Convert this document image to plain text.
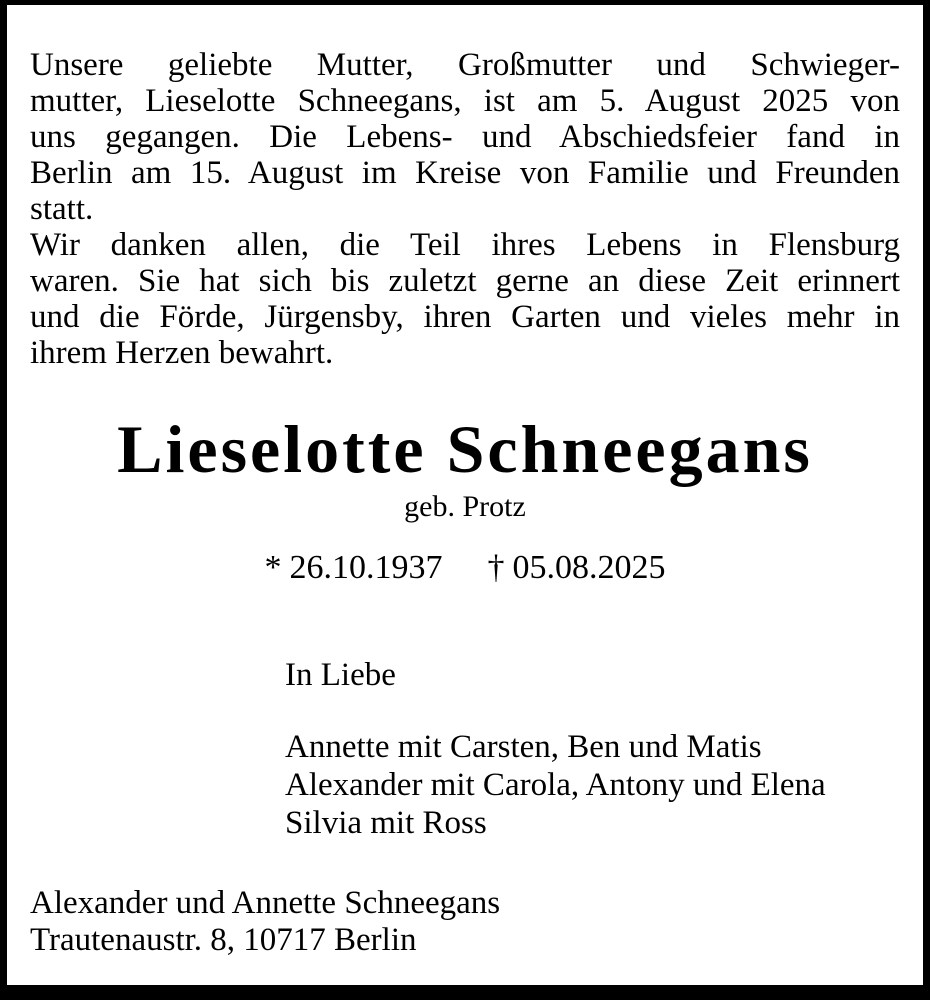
Unsere geliebte Mutter, Großmutter und Schwieger-
mutter, Lieselotte Schneegans, ist am 5. August 2025 von
uns gegangen. Die Lebens- und Abschiedsfeier fand in
Berlin am 15. August im Kreise von Familie und Freunden
statt.
Wir danken allen, die Teil ihres Lebens in Flensburg
waren. Sie hat sich bis zuletzt gerne an diese Zeit erinnert
und die Förde, Jürgensby, ihren Garten und vieles mehr in
ihrem Herzen bewahrt.
Lieselotte Schneegans
geb. Protz
* 26.10.1937 † 05.08.2025
In Liebe
Annette mit Carsten, Ben und Matis
Alexander mit Carola, Antony und Elena
Silvia mit Ross
Alexander und Annette Schneegans
Trautenaustr. 8, 10717 Berlin
